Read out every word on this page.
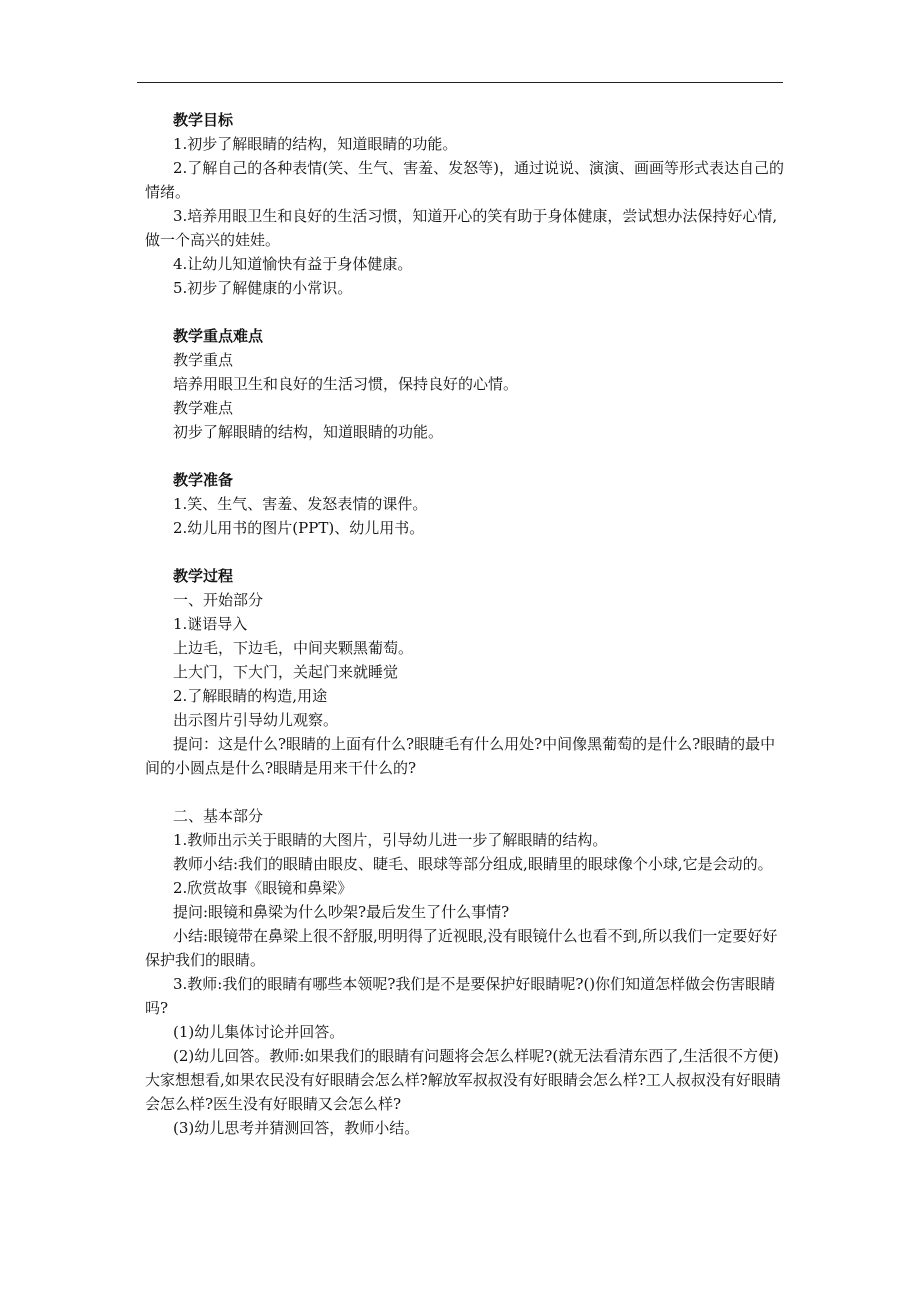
教学目标

1.初步了解眼睛的结构，知道眼睛的功能。

2.了解自己的各种表情(笑、生气、害羞、发怒等)，通过说说、演演、画画等形式表达自己的情绪。

3.培养用眼卫生和良好的生活习惯，知道开心的笑有助于身体健康，尝试想办法保持好心情,做一个高兴的娃娃。

4.让幼儿知道愉快有益于身体健康。

5.初步了解健康的小常识。

教学重点难点

教学重点

培养用眼卫生和良好的生活习惯，保持良好的心情。

教学难点

初步了解眼睛的结构，知道眼睛的功能。

教学准备

1.笑、生气、害羞、发怒表情的课件。

2.幼儿用书的图片(PPT)、幼儿用书。

教学过程

一、开始部分

1.谜语导入

上边毛，下边毛，中间夹颗黑葡萄。

上大门，下大门，关起门来就睡觉

2.了解眼睛的构造,用途

出示图片引导幼儿观察。

提问：这是什么?眼睛的上面有什么?眼睫毛有什么用处?中间像黑葡萄的是什么?眼睛的最中间的小圆点是什么?眼睛是用来干什么的?

二、基本部分

1.教师出示关于眼睛的大图片，引导幼儿进一步了解眼睛的结构。

教师小结:我们的眼睛由眼皮、睫毛、眼球等部分组成,眼睛里的眼球像个小球,它是会动的。

2.欣赏故事《眼镜和鼻梁》

提问:眼镜和鼻梁为什么吵架?最后发生了什么事情?

小结:眼镜带在鼻梁上很不舒服,明明得了近视眼,没有眼镜什么也看不到,所以我们一定要好好保护我们的眼睛。

3.教师:我们的眼睛有哪些本领呢?我们是不是要保护好眼睛呢?()你们知道怎样做会伤害眼睛吗?

(1)幼儿集体讨论并回答。

(2)幼儿回答。教师:如果我们的眼睛有问题将会怎么样呢?(就无法看清东西了,生活很不方便)大家想想看,如果农民没有好眼睛会怎么样?解放军叔叔没有好眼睛会怎么样?工人叔叔没有好眼睛会怎么样?医生没有好眼睛又会怎么样?

(3)幼儿思考并猜测回答，教师小结。
